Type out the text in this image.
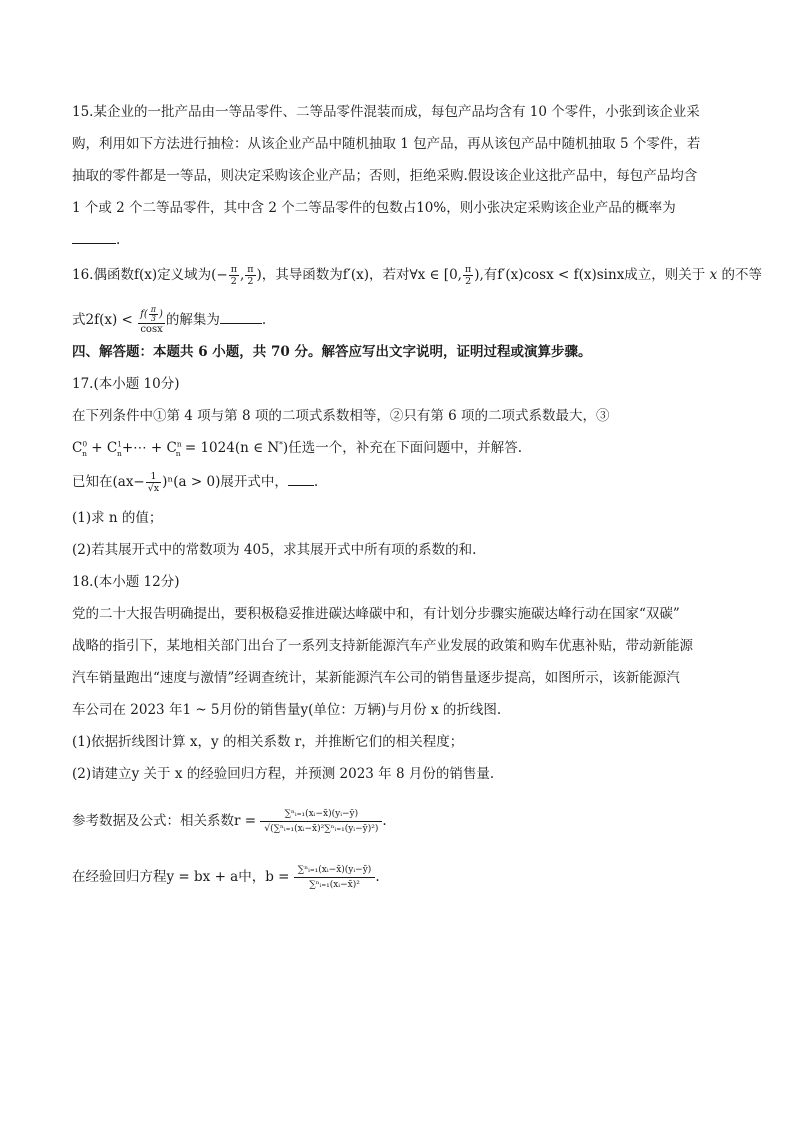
15.某企业的一批产品由一等品零件、二等品零件混装而成，每包产品均含有 10 个零件，小张到该企业采
购，利用如下方法进行抽检：从该企业产品中随机抽取 1 包产品，再从该包产品中随机抽取 5 个零件，若
抽取的零件都是一等品，则决定采购该企业产品；否则，拒绝采购.假设该企业这批产品中，每包产品均含
1 个或 2 个二等品零件，其中含 2 个二等品零件的包数占10%，则小张决定采购该企业产品的概率为
.
16.偶函数f(x)定义域为(− $\frac{\pi}{2}$ , $\frac{\pi}{2}$ )，其导函数为f′(x)，若对∀x ∈ [0, $\frac{\pi}{2}$ ),有f′(x)cosx < f(x)sinx成立，则关于 x 的不等
式$2f(x) < \frac{f( \frac{\pi}{3} )}{\cos x}$ 的解集为	.
四、解答题：本题共 6 小题，共 70 分。解答应写出文字说明，证明过程或演算步骤。
17.(本小题 10分)
在下列条件中①第 4 项与第 8 项的二项式系数相等，②只有第 6 项的二项式系数最大，③
$C^0_n$ + $C^1_n+\cdots + C^n_n = 1024(n$ ∈ N*)任选一个，补充在下面问题中，并解答.
已知在$(ax- \frac{1}{√x} )^n(a > 0)$展开式中， .
(1)求 n 的值；
(2)若其展开式中的常数项为 405，求其展开式中所有项的系数的和.
18.(本小题 12分)
党的二十大报告明确提出，要积极稳妥推进碳达峰碳中和，有计划分步骤实施碳达峰行动在国家“双碳”
战略的指引下，某地相关部门出台了一系列支持新能源汽车产业发展的政策和购车优惠补贴，带动新能源
汽车销量跑出“速度与激情”经调查统计，某新能源汽车公司的销售量逐步提高，如图所示，该新能源汽
车公司在 2023 年1 ~ 5月份的销售量y(单位：万辆)与月份 x 的折线图.
(1)依据折线图计算 x，y 的相关系数 r，并推断它们的相关程度；
(2)请建立y 关于 x 的经验回归方程，并预测 2023 年 8 月份的销售量.
参考数据及公式：相关系数$r = \frac{\text{∑ⁿᵢ₌₁(xᵢ−x̄)(yᵢ−ȳ)}}{\text{√(∑ⁿᵢ₌₁(xᵢ−x̄)²∑ⁿᵢ₌₁(yᵢ−ȳ)²)}}$ .
在经验回归方程y = bx + a中，$b = \frac{\text{∑ⁿᵢ₌₁(xᵢ−x̄)(yᵢ−ȳ)}}{\text{∑ⁿᵢ₌₁(xᵢ−x̄)²}}$ .
